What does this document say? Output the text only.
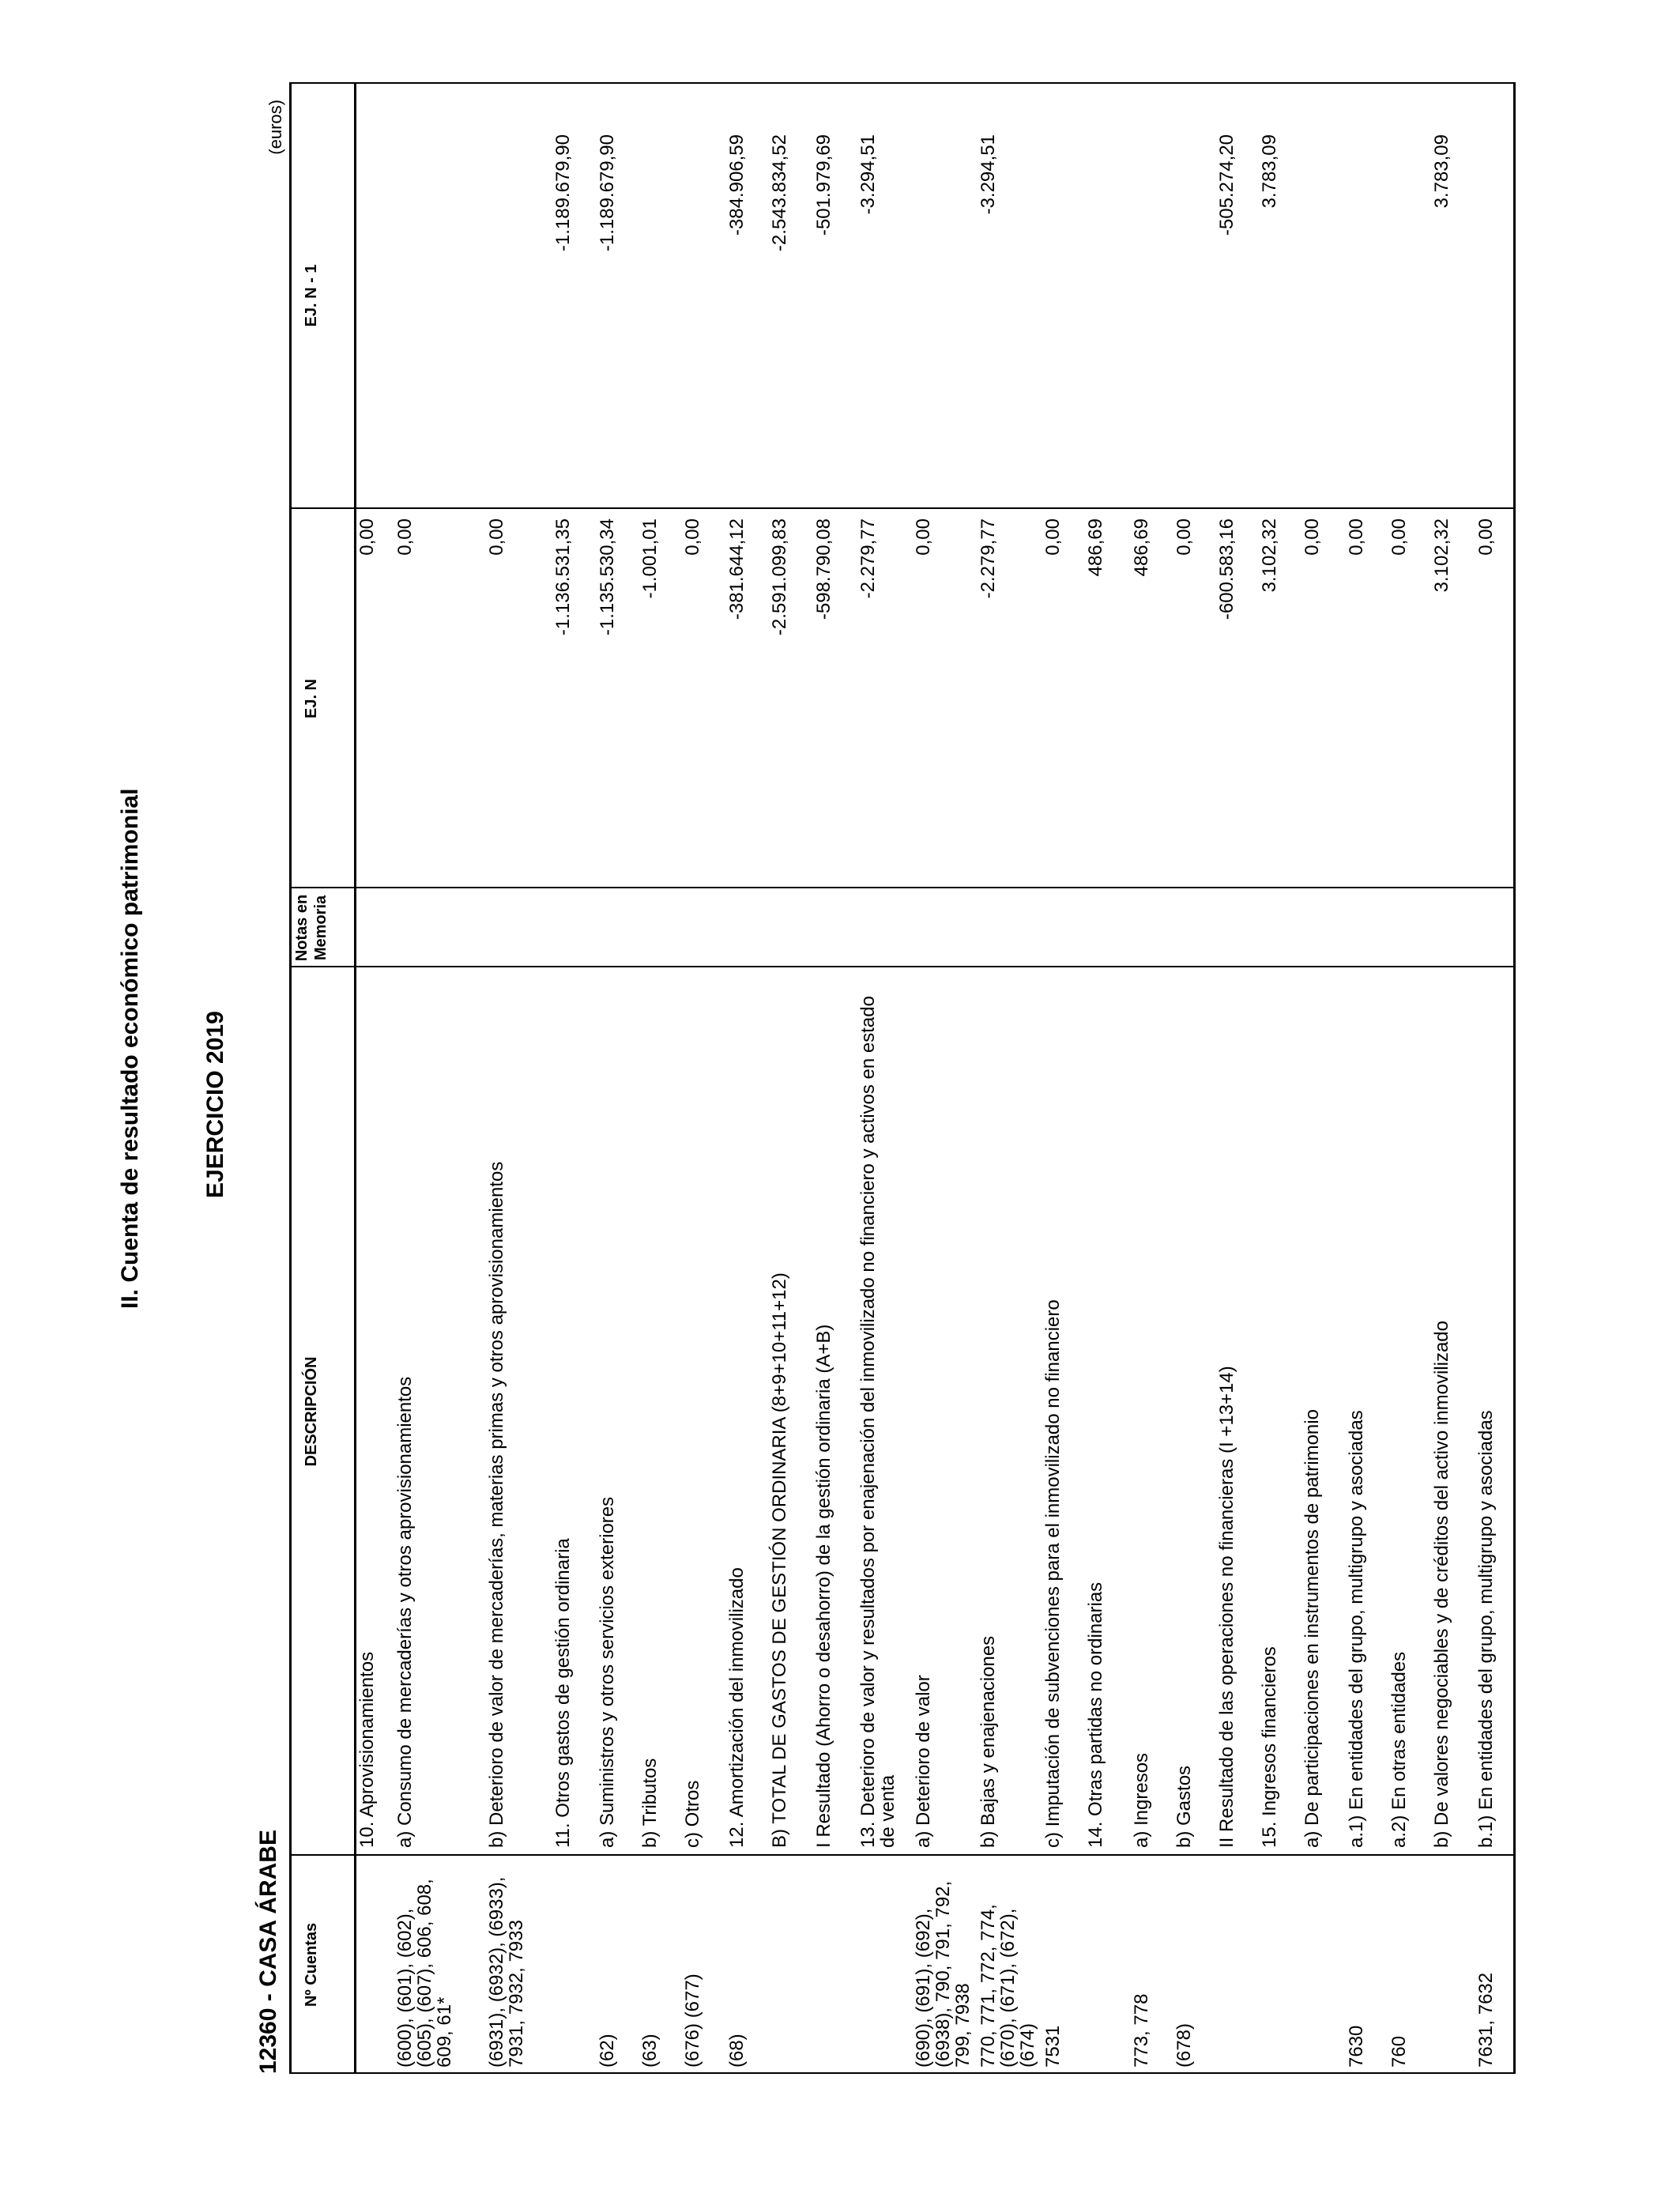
II. Cuenta de resultado económico patrimonial	EJERCICIO 2019
12360 - CASA ÁRABE
(euros)
Nº Cuentas
DESCRIPCIÓN
Notas en Memoria
EJ. N
EJ. N - 1
10. Aprovisionamientos
0,00
(600), (601), (602), (605), (607), 606, 608, 609, 61*
a) Consumo de mercaderías y otros aprovisionamientos
0,00
(6931), (6932), (6933), 7931, 7932, 7933
b) Deterioro de valor de mercaderías, materias primas y otros aprovisionamientos
0,00
11. Otros gastos de gestión ordinaria
-1.136.531,35
-1.189.679,90
(62)
a) Suministros y otros servicios exteriores
-1.135.530,34
-1.189.679,90
(63)
b) Tributos
-1.001,01
(676) (677)
c) Otros
0,00
(68)
12. Amortización del inmovilizado
-381.644,12
-384.906,59
B) TOTAL DE GASTOS DE GESTIÓN ORDINARIA (8+9+10+11+12)
-2.591.099,83
-2.543.834,52
I Resultado (Ahorro o desahorro) de la gestión ordinaria (A+B)
-598.790,08
-501.979,69
13. Deterioro de valor y resultados por enajenación del inmovilizado no financiero y activos en estado de venta
-2.279,77
-3.294,51
(690), (691), (692), (6938), 790, 791, 792, 799, 7938
a) Deterioro de valor
0,00
770, 771, 772, 774, (670), (671), (672), (674)
b) Bajas y enajenaciones
-2.279,77
-3.294,51
7531
c) Imputación de subvenciones para el inmovilizado no financiero
0,00
14. Otras partidas no ordinarias
486,69
773, 778
a) Ingresos
486,69
(678)
b) Gastos
0,00
II Resultado de las operaciones no financieras (I +13+14)
-600.583,16
-505.274,20
15. Ingresos financieros
3.102,32
3.783,09
a) De participaciones en instrumentos de patrimonio
0,00
7630
a.1) En entidades del grupo, multigrupo y asociadas
0,00
760
a.2) En otras entidades
0,00
b) De valores negociables y de créditos del activo inmovilizado
3.102,32
3.783,09
7631, 7632
b.1) En entidades del grupo, multigrupo y asociadas
0,00
